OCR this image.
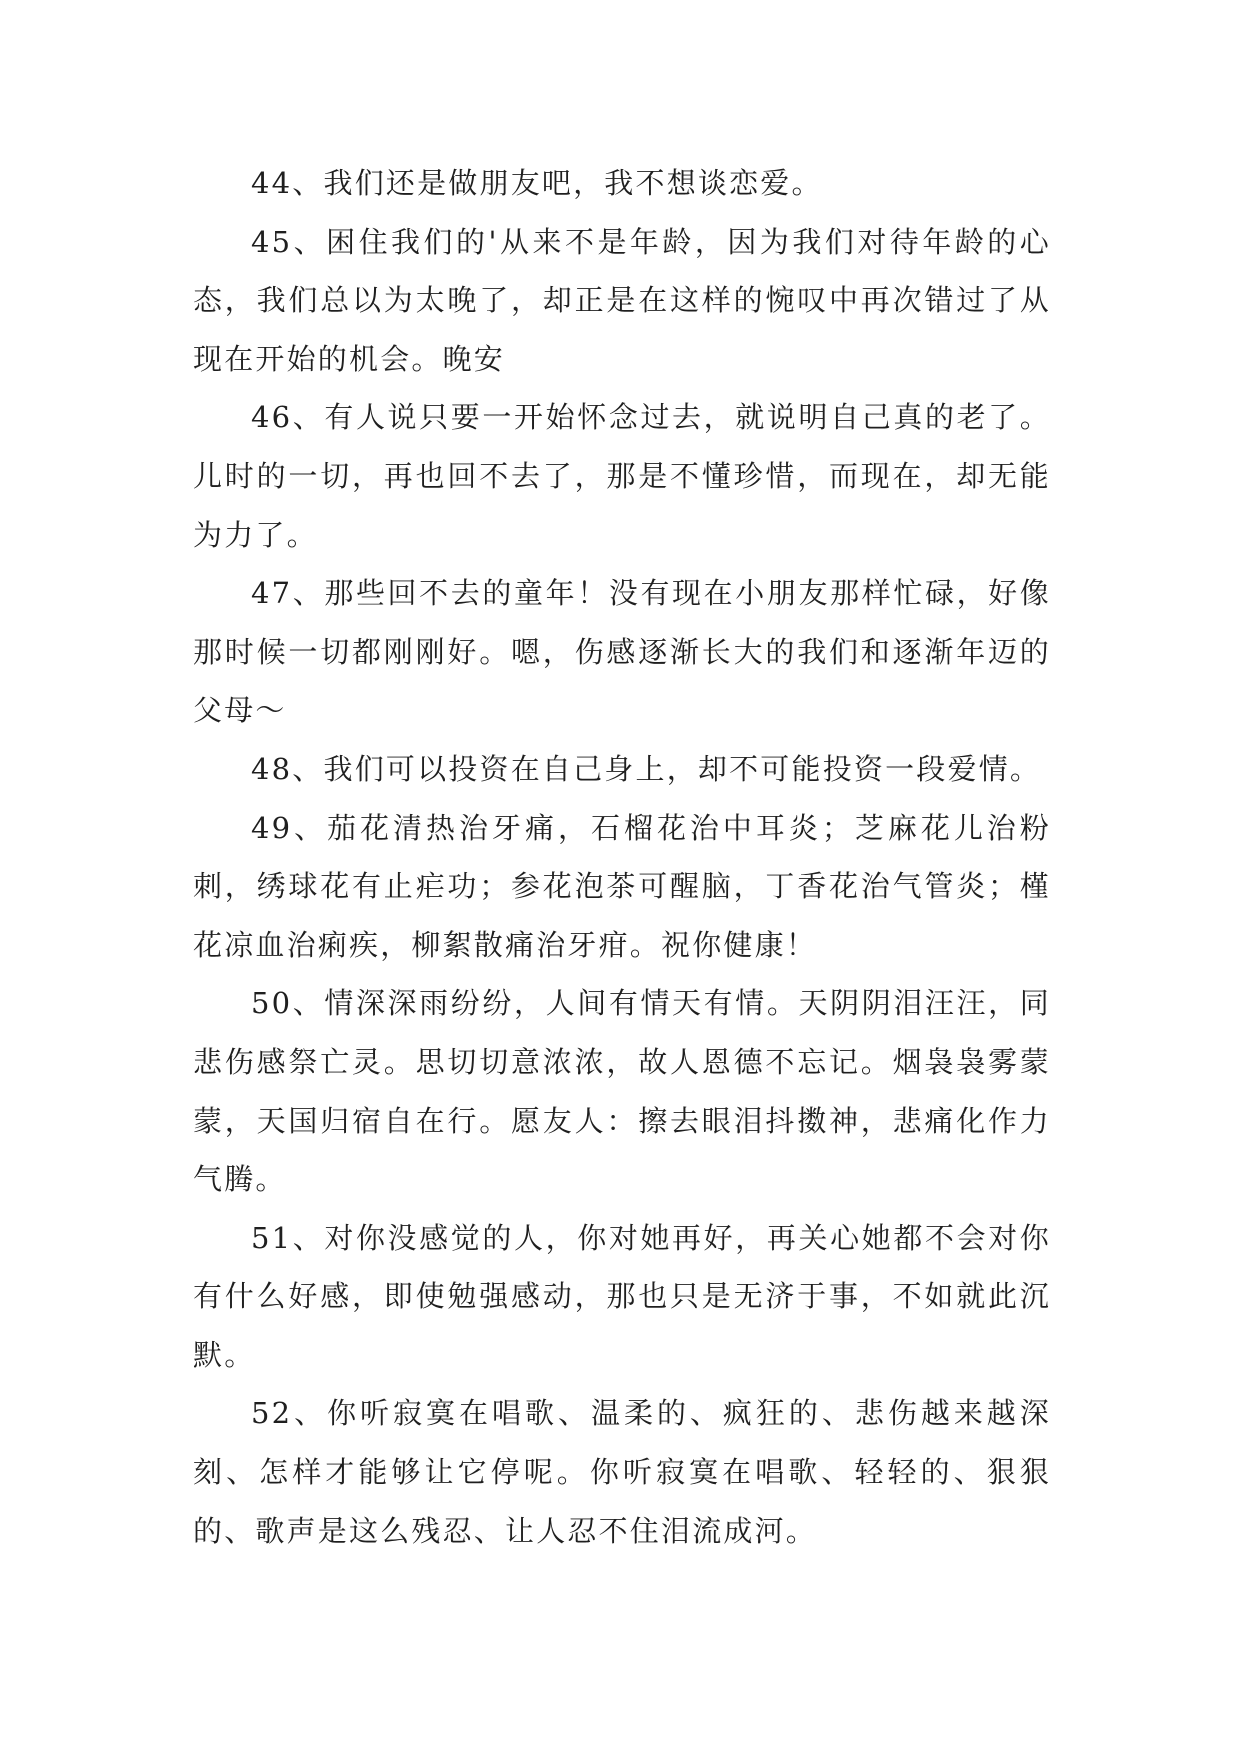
44、我们还是做朋友吧，我不想谈恋爱。

45、困住我们的'从来不是年龄，因为我们对待年龄的心态，我们总以为太晚了，却正是在这样的惋叹中再次错过了从现在开始的机会。晚安

46、有人说只要一开始怀念过去，就说明自己真的老了。儿时的一切，再也回不去了，那是不懂珍惜，而现在，却无能为力了。

47、那些回不去的童年！没有现在小朋友那样忙碌，好像那时候一切都刚刚好。嗯，伤感逐渐长大的我们和逐渐年迈的父母～

48、我们可以投资在自己身上，却不可能投资一段爱情。

49、茄花清热治牙痛，石榴花治中耳炎；芝麻花儿治粉刺，绣球花有止疟功；参花泡茶可醒脑，丁香花治气管炎；槿花凉血治痢疾，柳絮散痛治牙疳。祝你健康！

50、情深深雨纷纷，人间有情天有情。天阴阴泪汪汪，同悲伤感祭亡灵。思切切意浓浓，故人恩德不忘记。烟袅袅雾蒙蒙，天国归宿自在行。愿友人：擦去眼泪抖擞神，悲痛化作力气腾。

51、对你没感觉的人，你对她再好，再关心她都不会对你有什么好感，即使勉强感动，那也只是无济于事，不如就此沉默。

52、你听寂寞在唱歌、温柔的、疯狂的、悲伤越来越深刻、怎样才能够让它停呢。你听寂寞在唱歌、轻轻的、狠狠的、歌声是这么残忍、让人忍不住泪流成河。
